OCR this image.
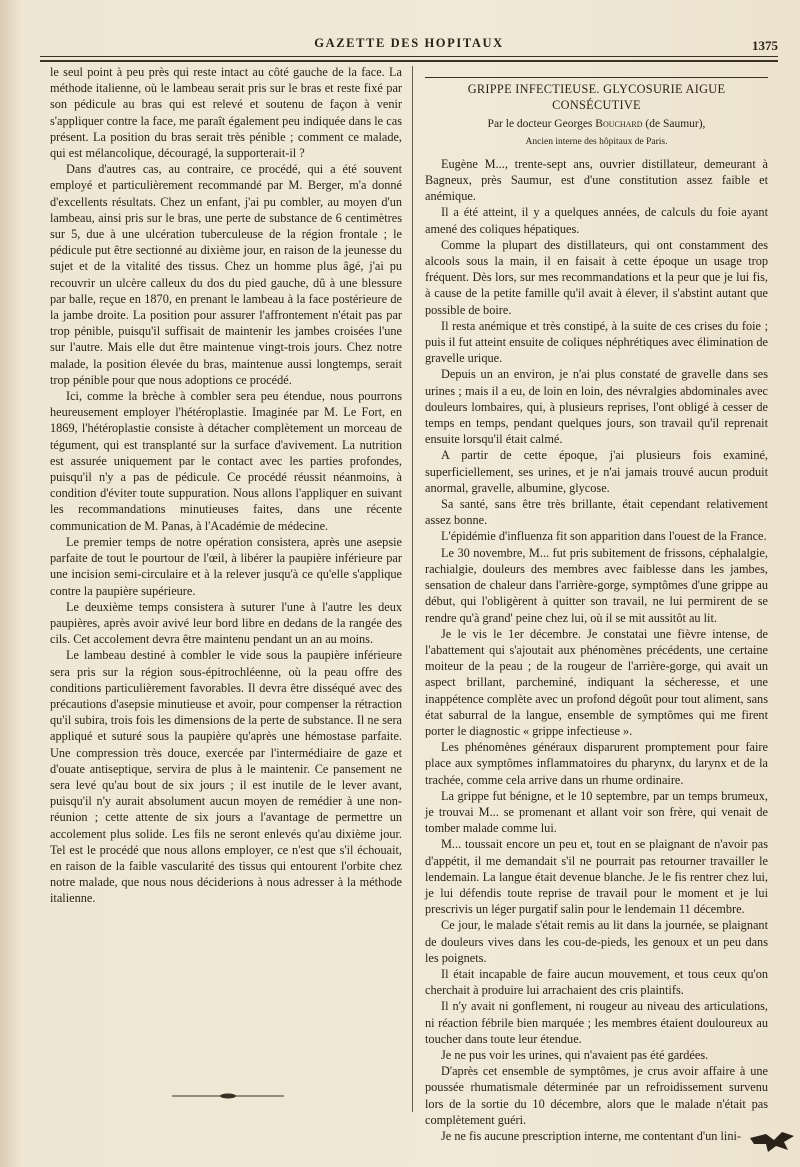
GAZETTE DES HOPITAUX	1375

le seul point à peu près qui reste intact au côté gauche de la face. La méthode italienne, où le lambeau serait pris sur le bras et reste fixé par son pédicule au bras qui est relevé et soutenu de façon à venir s'appliquer contre la face, me paraît également peu indiquée dans le cas présent. La position du bras serait très pénible ; comment ce malade, qui est mélancolique, découragé, la supporterait-il ?

Dans d'autres cas, au contraire, ce procédé, qui a été souvent employé et particulièrement recommandé par M. Berger, m'a donné d'excellents résultats. Chez un enfant, j'ai pu combler, au moyen d'un lambeau, ainsi pris sur le bras, une perte de substance de 6 centimètres sur 5, due à une ulcération tuberculeuse de la région frontale ; le pédicule put être sectionné au dixième jour, en raison de la jeunesse du sujet et de la vitalité des tissus. Chez un homme plus âgé, j'ai pu recouvrir un ulcère calleux du dos du pied gauche, dû à une blessure par balle, reçue en 1870, en prenant le lambeau à la face postérieure de la jambe droite. La position pour assurer l'affrontement n'était pas par trop pénible, puisqu'il suffisait de maintenir les jambes croisées l'une sur l'autre. Mais elle dut être maintenue vingt-trois jours. Chez notre malade, la position élevée du bras, maintenue aussi longtemps, serait trop pénible pour que nous adoptions ce procédé.

Ici, comme la brèche à combler sera peu étendue, nous pourrons heureusement employer l'hétéroplastie. Imaginée par M. Le Fort, en 1869, l'hétéroplastie consiste à détacher complètement un morceau de tégument, qui est transplanté sur la surface d'avivement. La nutrition est assurée uniquement par le contact avec les parties profondes, puisqu'il n'y a pas de pédicule. Ce procédé réussit néanmoins, à condition d'éviter toute suppuration. Nous allons l'appliquer en suivant les recommandations minutieuses faites, dans une récente communication de M. Panas, à l'Académie de médecine.

Le premier temps de notre opération consistera, après une asepsie parfaite de tout le pourtour de l'œil, à libérer la paupière inférieure par une incision semi-circulaire et à la relever jusqu'à ce qu'elle s'applique contre la paupière supérieure.

Le deuxième temps consistera à suturer l'une à l'autre les deux paupières, après avoir avivé leur bord libre en dedans de la rangée des cils. Cet accolement devra être maintenu pendant un an au moins.

Le lambeau destiné à combler le vide sous la paupière inférieure sera pris sur la région sous-épitrochléenne, où la peau offre des conditions particulièrement favorables. Il devra être disséqué avec des précautions d'asepsie minutieuse et avoir, pour compenser la rétraction qu'il subira, trois fois les dimensions de la perte de substance. Il ne sera appliqué et suturé sous la paupière qu'après une hémostase parfaite. Une compression très douce, exercée par l'intermédiaire de gaze et d'ouate antiseptique, servira de plus à le maintenir. Ce pansement ne sera levé qu'au bout de six jours ; il est inutile de le lever avant, puisqu'il n'y aurait absolument aucun moyen de remédier à une non-réunion ; cette attente de six jours a l'avantage de permettre un accolement plus solide. Les fils ne seront enlevés qu'au dixième jour. Tel est le procédé que nous allons employer, ce n'est que s'il échouait, en raison de la faible vascularité des tissus qui entourent l'orbite chez notre malade, que nous nous déciderions à nous adresser à la méthode italienne.

GRIPPE INFECTIEUSE. GLYCOSURIE AIGUE CONSÉCUTIVE
Par le docteur Georges Bouchard (de Saumur),
Ancien interne des hôpitaux de Paris.

Eugène M..., trente-sept ans, ouvrier distillateur, demeurant à Bagneux, près Saumur, est d'une constitution assez faible et anémique.

Il a été atteint, il y a quelques années, de calculs du foie ayant amené des coliques hépatiques.

Comme la plupart des distillateurs, qui ont constamment des alcools sous la main, il en faisait à cette époque un usage trop fréquent. Dès lors, sur mes recommandations et la peur que je lui fis, à cause de la petite famille qu'il avait à élever, il s'abstint autant que possible de boire.

Il resta anémique et très constipé, à la suite de ces crises du foie ; puis il fut atteint ensuite de coliques néphrétiques avec élimination de gravelle urique.

Depuis un an environ, je n'ai plus constaté de gravelle dans ses urines ; mais il a eu, de loin en loin, des névralgies abdominales avec douleurs lombaires, qui, à plusieurs reprises, l'ont obligé à cesser de temps en temps, pendant quelques jours, son travail qu'il reprenait ensuite lorsqu'il était calmé.

A partir de cette époque, j'ai plusieurs fois examiné, superficiellement, ses urines, et je n'ai jamais trouvé aucun produit anormal, gravelle, albumine, glycose.

Sa santé, sans être très brillante, était cependant relativement assez bonne.

L'épidémie d'influenza fit son apparition dans l'ouest de la France.

Le 30 novembre, M... fut pris subitement de frissons, céphalalgie, rachialgie, douleurs des membres avec faiblesse dans les jambes, sensation de chaleur dans l'arrière-gorge, symptômes d'une grippe au début, qui l'obligèrent à quitter son travail, ne lui permirent de se rendre qu'à grand' peine chez lui, où il se mit aussitôt au lit.

Je le vis le 1er décembre. Je constatai une fièvre intense, de l'abattement qui s'ajoutait aux phénomènes précédents, une certaine moiteur de la peau ; de la rougeur de l'arrière-gorge, qui avait un aspect brillant, parcheminé, indiquant la sécheresse, et une inappétence complète avec un profond dégoût pour tout aliment, sans état saburral de la langue, ensemble de symptômes qui me firent porter le diagnostic « grippe infectieuse ».

Les phénomènes généraux disparurent promptement pour faire place aux symptômes inflammatoires du pharynx, du larynx et de la trachée, comme cela arrive dans un rhume ordinaire.

La grippe fut bénigne, et le 10 septembre, par un temps brumeux, je trouvai M... se promenant et allant voir son frère, qui venait de tomber malade comme lui.

M... toussait encore un peu et, tout en se plaignant de n'avoir pas d'appétit, il me demandait s'il ne pourrait pas retourner travailler le lendemain. La langue était devenue blanche. Je le fis rentrer chez lui, je lui défendis toute reprise de travail pour le moment et je lui prescrivis un léger purgatif salin pour le lendemain 11 décembre.

Ce jour, le malade s'était remis au lit dans la journée, se plaignant de douleurs vives dans les cou-de-pieds, les genoux et un peu dans les poignets.

Il était incapable de faire aucun mouvement, et tous ceux qu'on cherchait à produire lui arrachaient des cris plaintifs.

Il n'y avait ni gonflement, ni rougeur au niveau des articulations, ni réaction fébrile bien marquée ; les membres étaient douloureux au toucher dans toute leur étendue.

Je ne pus voir les urines, qui n'avaient pas été gardées.

D'après cet ensemble de symptômes, je crus avoir affaire à une poussée rhumatismale déterminée par un refroidissement survenu lors de la sortie du 10 décembre, alors que le malade n'était pas complètement guéri.

Je ne fis aucune prescription interne, me contentant d'un lini-
